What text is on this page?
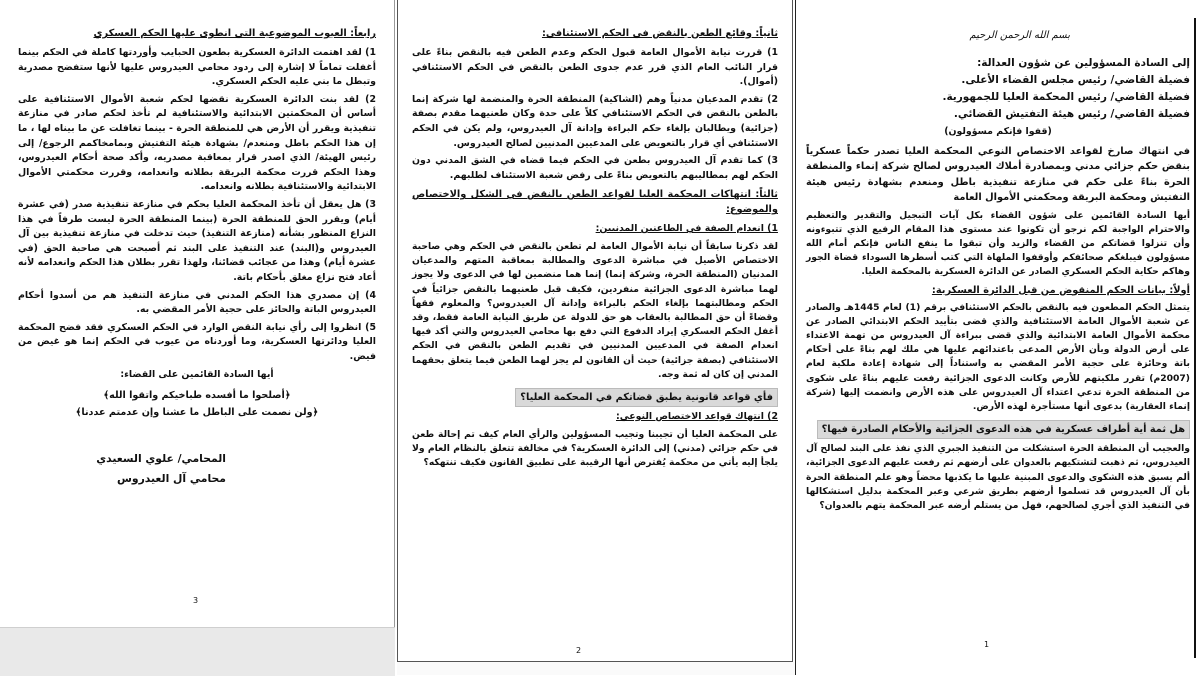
رابعاً: العيوب الموضوعية التي انطوى عليها الحكم العسكري

1) لقد اهتمت الدائرة العسكرية بطعون الحبايب وأوردتها كاملة في الحكم بينما أغفلت تماماً لا إشارة إلى ردود محامي العيدروس عليها لأنها ستفضح مصدرية وتبطل ما بني عليه الحكم العسكري.

2) لقد بنت الدائرة العسكرية نقضها لحكم شعبة الأموال الاستئنافية على أساس أن المحكمتين الابتدائية والاستئنافية لم تأخذ لحكم صادر في منازعة تنفيذية ويقرر أن الأرض هي للمنطقة الحرة - بينما تغافلت عن ما بيناه لها ، ما إن هذا الحكم باطل ومنعدم/ بشهادة هيئة التفتيش وبمامخاكمم الرجوع/ إلى رئيس الهيئة/ الذي اصدر قرار بمعاقبة مصدريه، وأكد صحة أحكام العيدروس، وهذا الحكم قررت محكمة البريقة بطلانه وانعدامه، وقررت محكمتي الأموال الابتدائية والاستئنافية بطلانه وانعدامه.

3) هل يعقل أن تأخذ المحكمة العليا بحكم في منازعة تنفيذية صدر (في عشرة أيام) ويقرر الحق للمنطقة الحرة (بينما المنطقة الحرة ليست طرفاً في هذا النزاع المنظور بشأنه (منازعة التنفيذ) حيث تدخلت في منازعة تنفيذية بين آل العيدروس و(البند) عند التنفيذ على البند ثم أصبحت هي صاحبة الحق (في عشرة أيام) وهذا من عجائب قضائنا، ولهذا تقرر بطلان هذا الحكم وانعدامه لأنه أعاد فتح نزاع مغلق بأحكام باتة.

4) إن مصدري هذا الحكم المدني في منازعة التنفيذ هم من أسدوا أحكام العيدروس الباتة والحائز على حجية الأمر المقضي به.

5) انظروا إلى رأي نيابة النقض الوارد في الحكم العسكري فقد فضح المحكمة العليا ودائرتها العسكرية، وما أوردناه من عيوب في الحكم إنما هو غيض من فيض.

أيها السادة القائمين على القضاء:

﴿أصلحوا ما أفسده طباخيكم واتقوا الله﴾

﴿ولن نصمت على الباطل ما عشنا وإن عدمتم عددنا﴾

المحامي/ علوي السعيدي

محامي آل العيدروس

3

ثانياً: وقائع الطعن بالنقض في الحكم الاستئنافي:

1) قررت نيابة الأموال العامة قبول الحكم وعدم الطعن فيه بالنقض بناءً على قرار النائب العام الذي قرر عدم جدوى الطعن بالنقض في الحكم الاستئنافي (أموال).

2) تقدم المدعيان مدنياً وهم (الشاكية) المنطقة الحرة والمنضمة لها شركة إنما بالطعن بالنقض في الحكم الاستئنافي كلاً على حدة وكان طعنيهما مقدم بصفة (جزائية) ويطالبان بإلغاء حكم البراءة وإدانة آل العيدروس، ولم يكن في الحكم الاستئنافي أي قرار بالتعويض على المدعيين المدنيين لصالح العيدروس.

3) كما تقدم آل العيدروس بطعن في الحكم فيما قضاه في الشق المدني دون الحكم لهم بمطاليبهم بالتعويض بناءً على رفض شعبة الاستئناف لطلبهم.

ثالثاً: انتهاكات المحكمة العليا لقواعد الطعن بالنقض في الشكل والاختصاص والموضوع:

1) انعدام الصفة في الطاعنين المدنيين:

لقد ذكرنا سابقاً أن نيابة الأموال العامة لم تطعن بالنقض في الحكم وهي صاحبة الاختصاص الأصيل في مباشرة الدعوى والمطالبة بمعاقبة المتهم والمدعيان المدنيان (المنطقة الحرة، وشركة إنما) إنما هما منضمين لها في الدعوى ولا يجوز لهما مباشرة الدعوى الجزائية منفردين، فكيف قبل طعنيهما بالنقض جزائياً في الحكم ومطالبتهما بإلغاء الحكم بالبراءة وإدانة آل العيدروس؟ والمعلوم فقهاً وقضاءً أن حق المطالبة بالعقاب هو حق للدولة عن طريق النيابة العامة فقط، وقد أغفل الحكم العسكري إيراد الدفوع التي دفع بها محامي العيدروس والتي أكد فيها انعدام الصفة في المدعيين المدنيين في تقديم الطعن بالنقض في الحكم الاستئنافي (بصفة جزائية) حيث أن القانون لم يجز لهما الطعن فيما يتعلق بحقهما المدني إن كان له ثمة وجه.

فأي قواعد قانونية يطبق قضاتكم في المحكمة العليا؟

2) انتهاك قواعد الاختصاص النوعي:

على المحكمة العليا أن تجيبنا وتجيب المسؤولين والرأي العام كيف تم إحالة طعن في حكم جزائي (مدني) إلى الدائرة العسكرية؟ في مخالفة تتعلق بالنظام العام ولا يلجأ إليه يأتي من محكمة يُفترض أنها الرقيبة على تطبيق القانون فكيف تنتهكه؟

2

بسم الله الرحمن الرحيم

إلى السادة المسؤولين عن شؤون العدالة:

فضيلة القاضي/ رئيس مجلس القضاء الأعلى.

فضيلة القاضي/ رئيس المحكمة العليا للجمهورية.

فضيلة القاضي/ رئيس هيئة التفتيش القضائي.

(قفوا فإنكم مسؤولون)

في انتهاك صارخ لقواعد الاختصاص النوعي المحكمة العليا تصدر حكماً عسكرياً بنقض حكم جزائي مدني وبمصادرة أملاك العيدروس لصالح شركة إنماء والمنطقة الحرة بناءً على حكم في منازعة تنفيذية باطل ومنعدم بشهادة رئيس هيئة التفتيش ومحكمة البريقة ومحكمتي الأموال العامة

أيها السادة القائمين على شؤون القضاء بكل آيات التبجيل والتقدير والتعظيم والاحترام الواجبة لكم نرجو أن تكونوا عند مستوى هذا المقام الرفيع الذي تتبوءونه وأن تنزلوا قضاتكم من القضاء والزيد وأن تبقوا ما ينفع الناس فإنكم أمام الله مسؤولون فيبلغكم صحائفكم وأوقفوا الملهاة التي كتب أسطرها السوداء قضاة الجور وهاكم حكاية الحكم العسكري الصادر عن الدائرة العسكرية بالمحكمة العليا.

أولاً: بيانات الحكم المنقوض من قبل الدائرة العسكرية:

يتمثل الحكم المطعون فيه بالنقض بالحكم الاستئنافي برقم (1) لعام 1445هـ والصادر عن شعبة الأموال العامة الاستئنافية والذي قضى بتأييد الحكم الابتدائي الصادر عن محكمة الأموال العامة الابتدائية والذي قضى ببراءة آل العيدروس من تهمة الاعتداء على أرض الدولة وبأن الأرض المدعى باعتدائهم عليها هي ملك لهم بناءً على أحكام باتة وحائزة على حجية الأمر المقضي به واستناداً إلى شهادة إعادة ملكية لعام (2007م) تقرر ملكيتهم للأرض وكانت الدعوى الجزائية رفعت عليهم بناءً على شكوى من المنطقة الحرة تدعي اعتداء آل العيدروس على هذه الأرض وانضمت إليها (شركة إنماء العقارية) بدعوى أنها مستأجرة لهذه الأرض.

هل ثمة أية أطراف عسكرية في هذه الدعوى الجزائية والأحكام الصادرة فيها؟

والعجيب أن المنطقة الحرة استشكلت من التنفيذ الجبري الذي نفذ على البند لصالح آل العيدروس، ثم ذهبت لتشتكيهم بالعدوان على أرضهم ثم رفعت عليهم الدعوى الجزائية، ألم يسبق هذه الشكوى والدعوى المبنية عليها ما يكذبها محضاً وهو علم المنطقة الحرة بأن آل العيدروس قد تسلموا أرضهم بطريق شرعي وعبر المحكمة بدليل استشكالها في التنفيذ الذي أجري لصالحهم، فهل من يستلم أرضه عبر المحكمة يتهم بالعدوان؟

1
